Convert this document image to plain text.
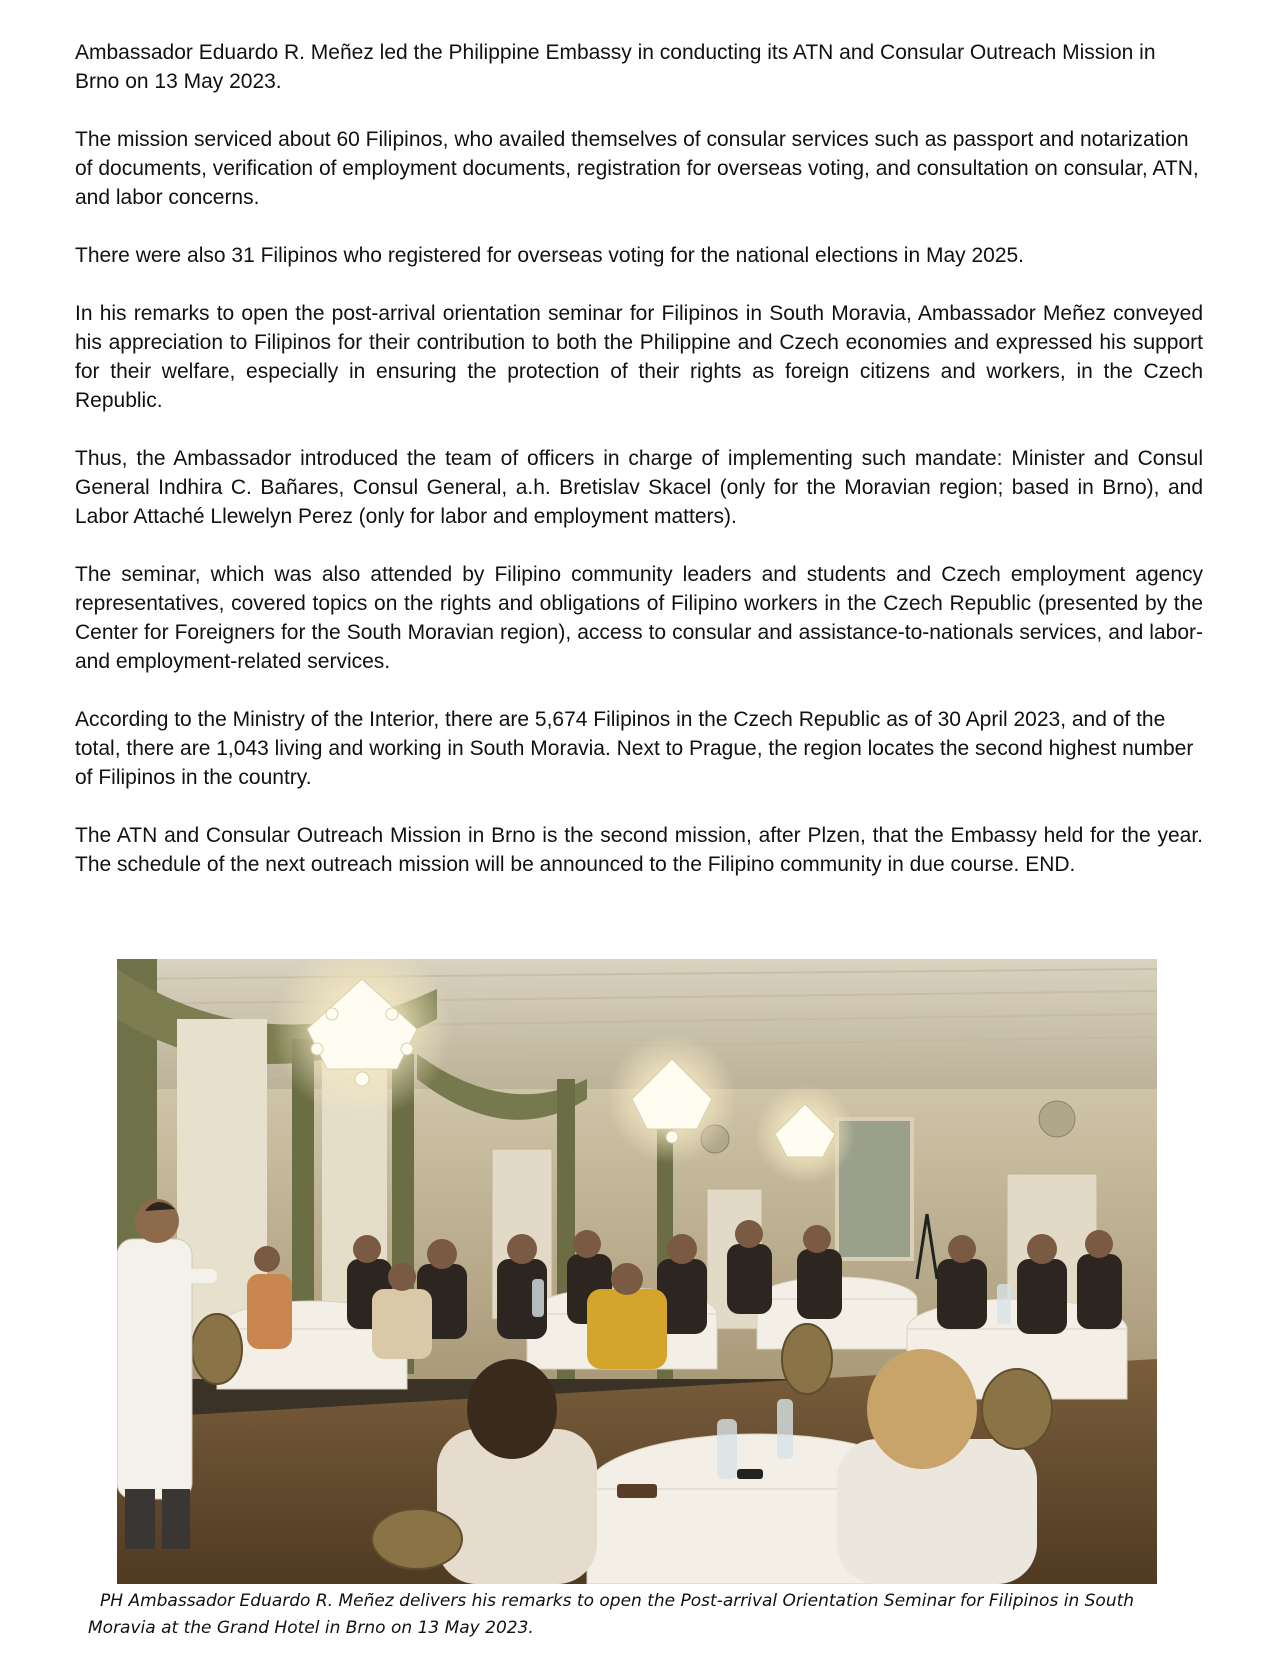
Ambassador Eduardo R. Meñez led the Philippine Embassy in conducting its ATN and Consular Outreach Mission in Brno on 13 May 2023.

The mission serviced about 60 Filipinos, who availed themselves of consular services such as passport and notarization of documents, verification of employment documents, registration for overseas voting, and consultation on consular, ATN, and labor concerns.

There were also 31 Filipinos who registered for overseas voting for the national elections in May 2025.

In his remarks to open the post-arrival orientation seminar for Filipinos in South Moravia, Ambassador Meñez conveyed his appreciation to Filipinos for their contribution to both the Philippine and Czech economies and expressed his support for their welfare, especially in ensuring the protection of their rights as foreign citizens and workers, in the Czech Republic.

Thus, the Ambassador introduced the team of officers in charge of implementing such mandate: Minister and Consul General Indhira C. Bañares, Consul General, a.h. Bretislav Skacel (only for the Moravian region; based in Brno), and Labor Attaché Llewelyn Perez (only for labor and employment matters).

The seminar, which was also attended by Filipino community leaders and students and Czech employment agency representatives, covered topics on the rights and obligations of Filipino workers in the Czech Republic (presented by the Center for Foreigners for the South Moravian region), access to consular and assistance-to-nationals services, and labor- and employment-related services.

According to the Ministry of the Interior, there are 5,674 Filipinos in the Czech Republic as of 30 April 2023, and of the total, there are 1,043 living and working in South Moravia. Next to Prague, the region locates the second highest number of Filipinos in the country.

The ATN and Consular Outreach Mission in Brno is the second mission, after Plzen, that the Embassy held for the year. The schedule of the next outreach mission will be announced to the Filipino community in due course. END.

PH Ambassador Eduardo R. Meñez delivers his remarks to open the Post-arrival Orientation Seminar for Filipinos in South Moravia at the Grand Hotel in Brno on 13 May 2023.
